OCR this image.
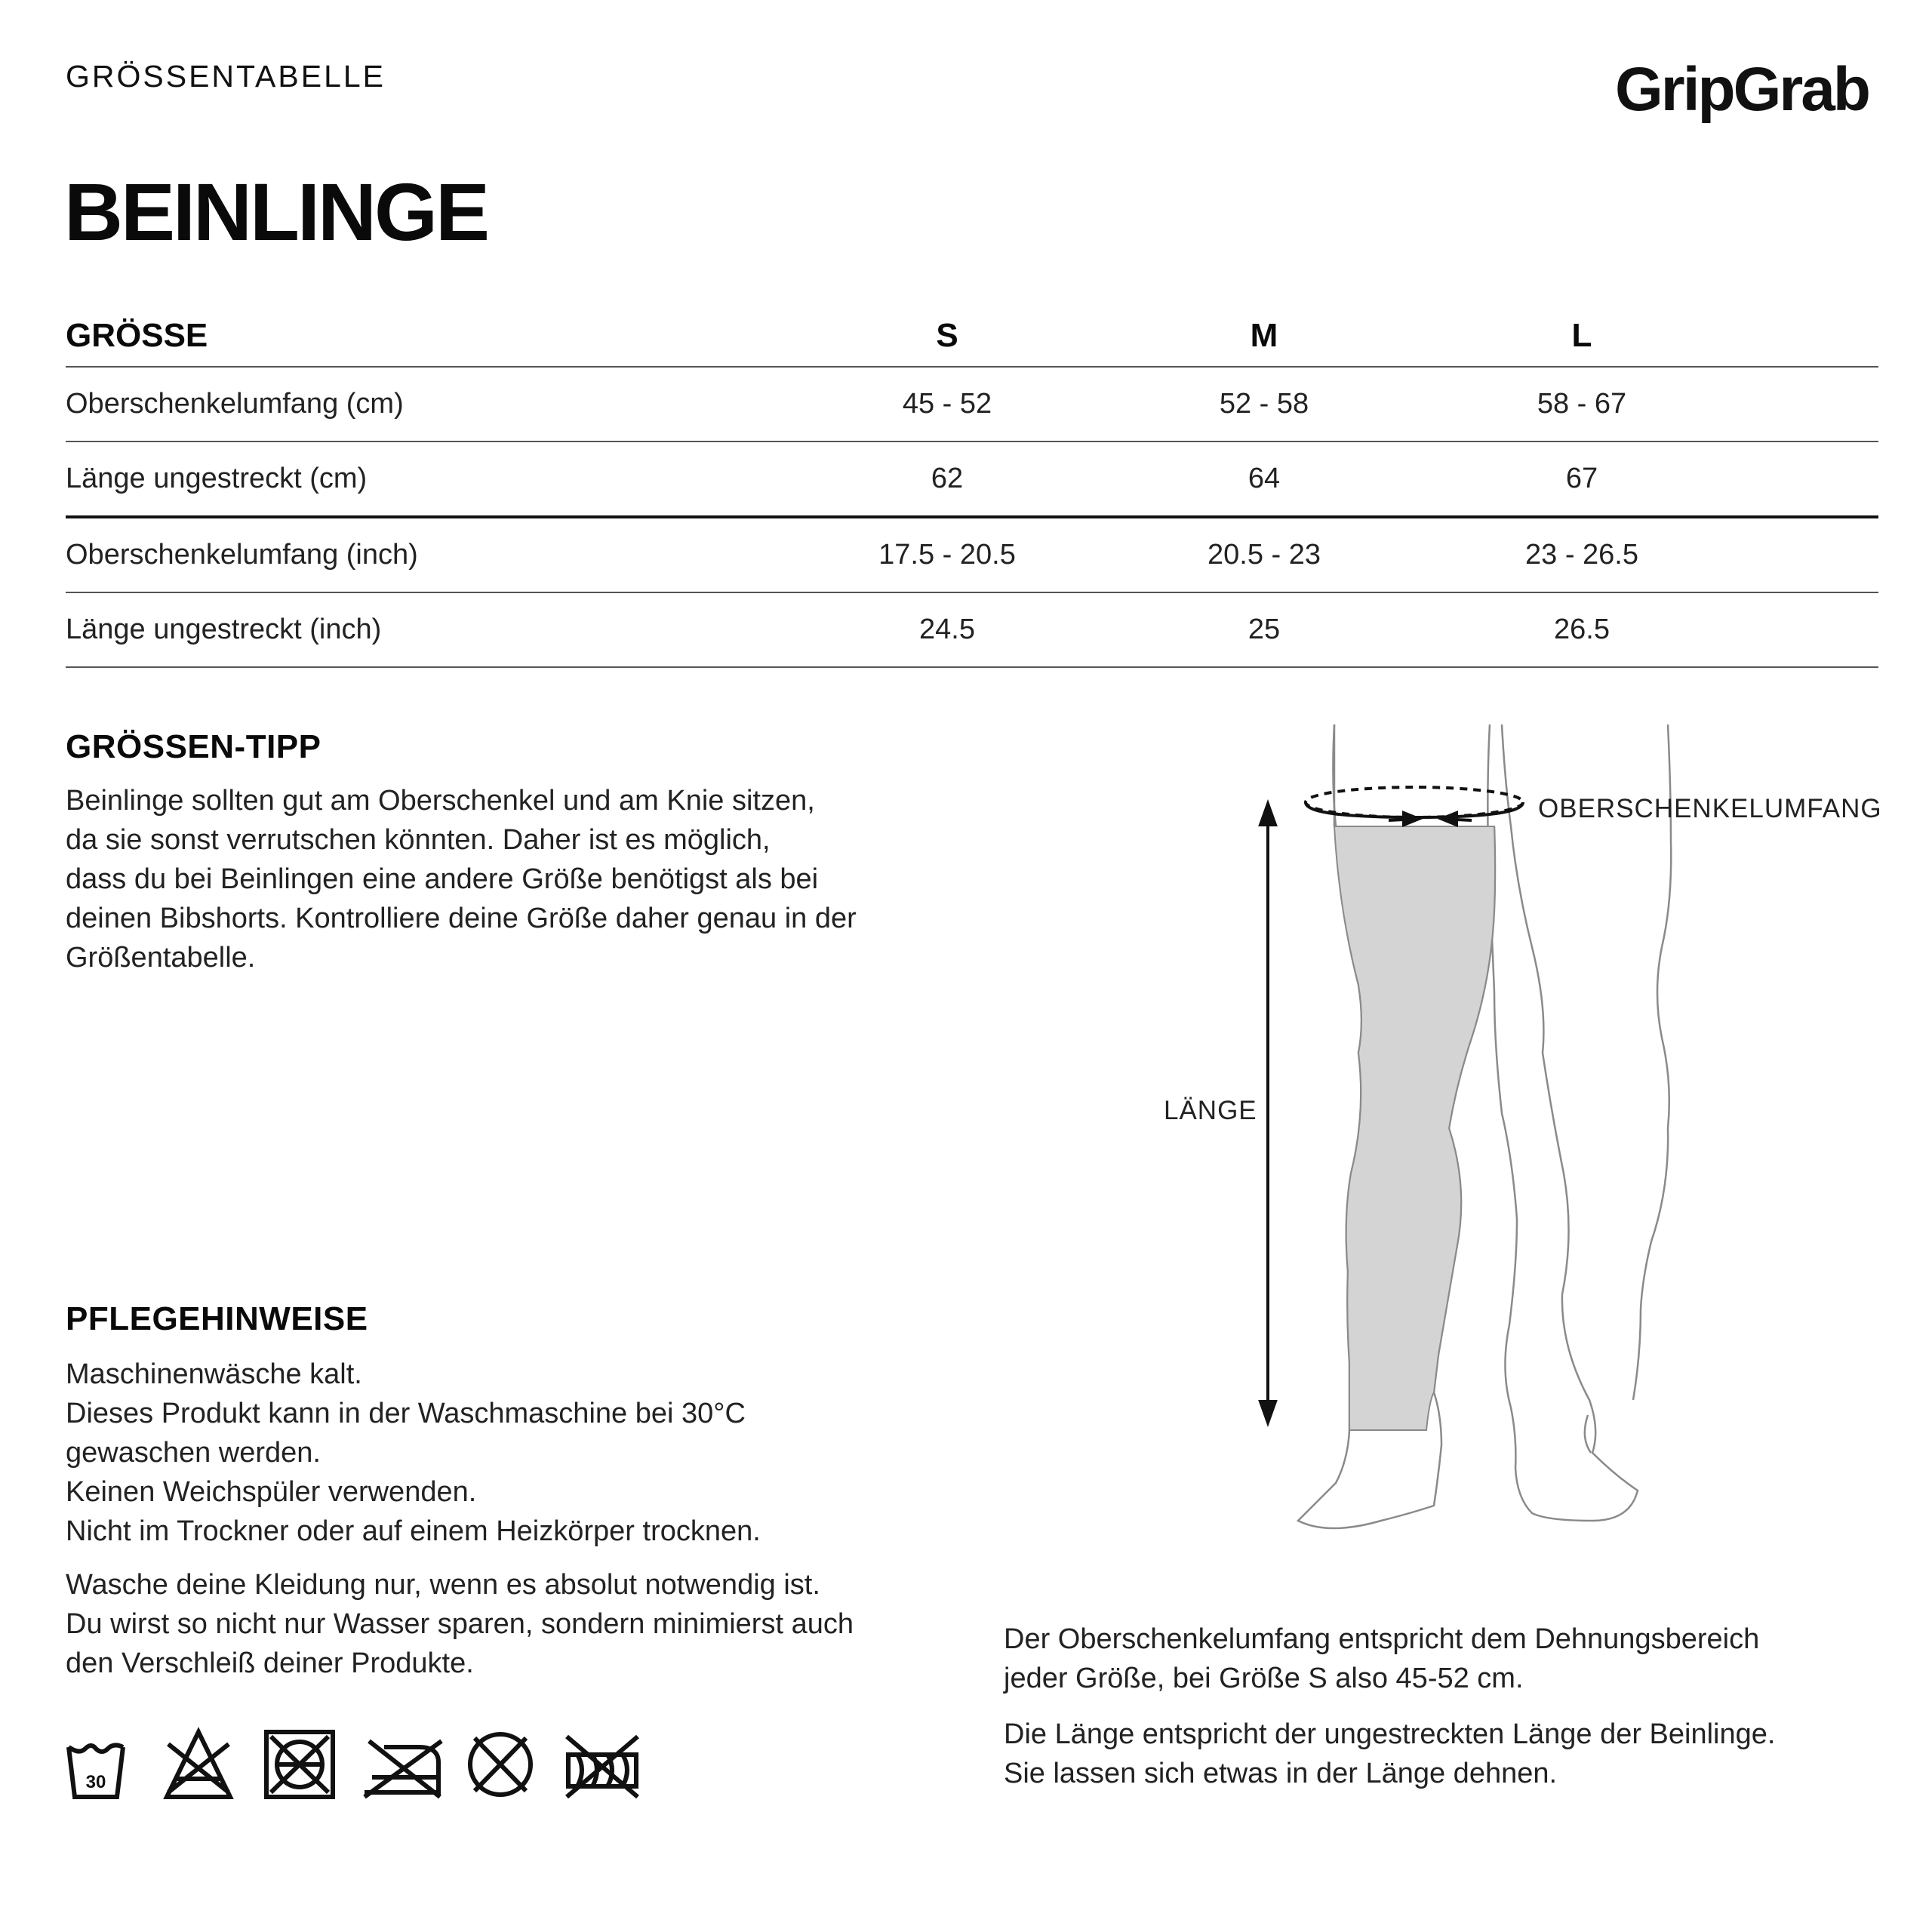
GRÖSSENTABELLE	GripGrab
BEINLINGE
GRÖSSE	S	M	L
Oberschenkelumfang (cm)	45 - 52	52 - 58	58 - 67
Länge ungestreckt (cm)	62	64	67
Oberschenkelumfang (inch)	17.5 - 20.5	20.5 - 23	23 - 26.5
Länge ungestreckt (inch)	24.5	25	26.5
GRÖSSEN-TIPP
Beinlinge sollten gut am Oberschenkel und am Knie sitzen,
da sie sonst verrutschen könnten. Daher ist es möglich,
dass du bei Beinlingen eine andere Größe benötigst als bei
deinen Bibshorts. Kontrolliere deine Größe daher genau in der
Größentabelle.
PFLEGEHINWEISE
Maschinenwäsche kalt.
Dieses Produkt kann in der Waschmaschine bei 30°C
gewaschen werden.
Keinen Weichspüler verwenden.
Nicht im Trockner oder auf einem Heizkörper trocknen.
Wasche deine Kleidung nur, wenn es absolut notwendig ist.
Du wirst so nicht nur Wasser sparen, sondern minimierst auch
den Verschleiß deiner Produkte.
30
OBERSCHENKELUMFANG
LÄNGE
Der Oberschenkelumfang entspricht dem Dehnungsbereich
jeder Größe, bei Größe S also 45-52 cm.
Die Länge entspricht der ungestreckten Länge der Beinlinge.
Sie lassen sich etwas in der Länge dehnen.
